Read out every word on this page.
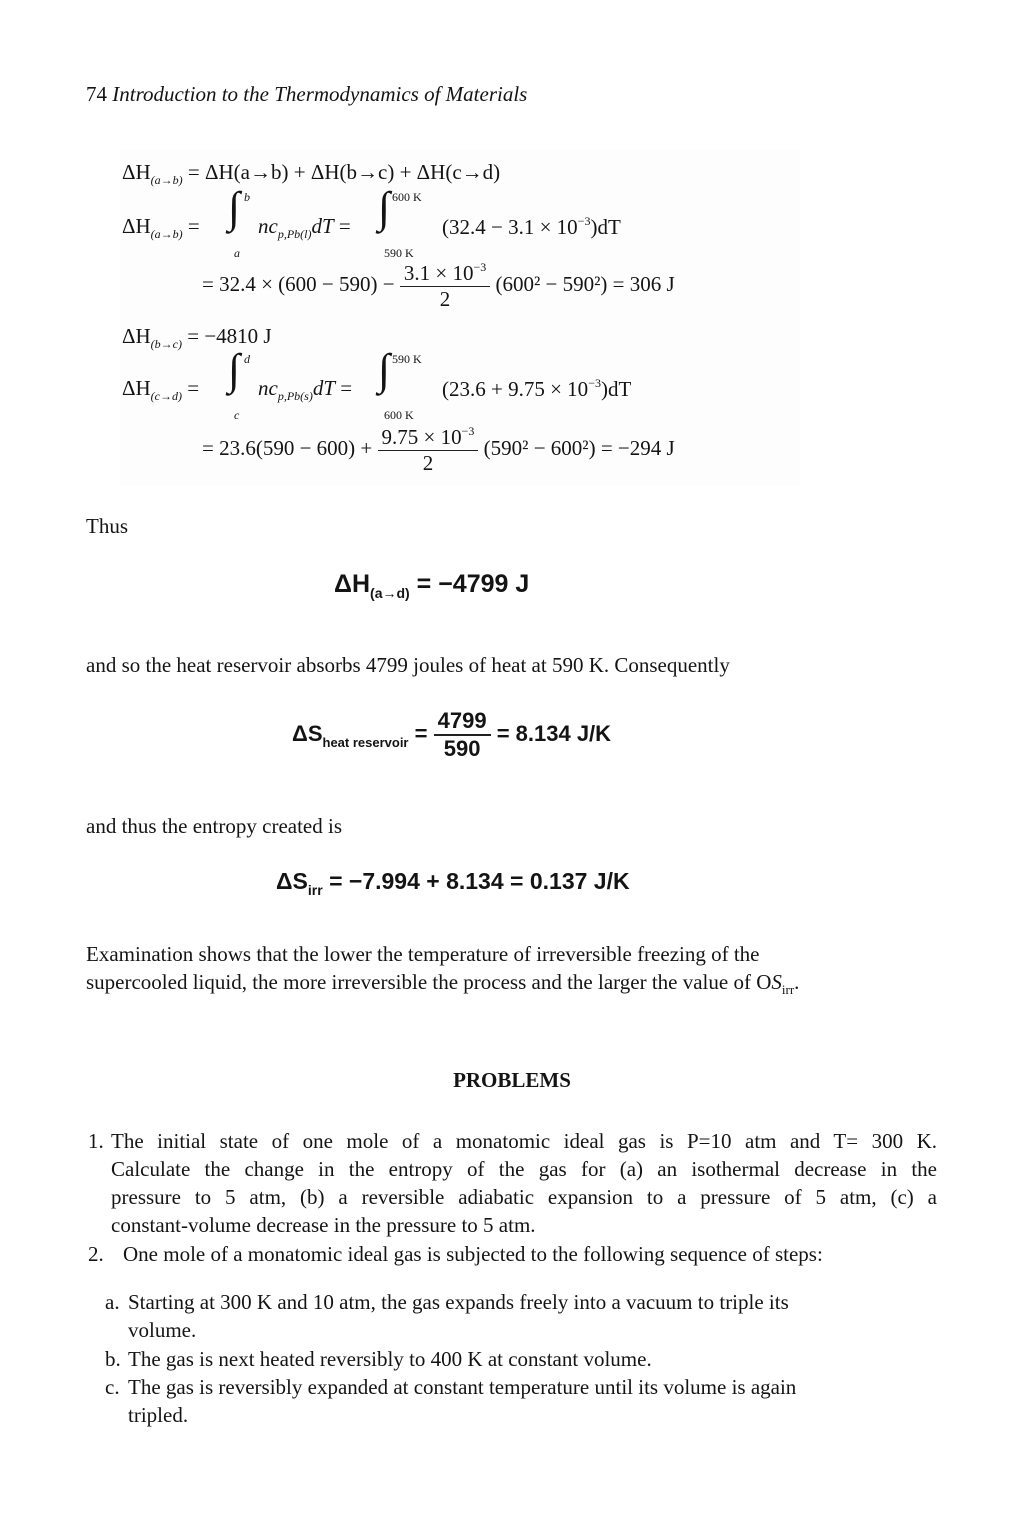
74 Introduction to the Thermodynamics of Materials
$\Delta H_{(a\to b)} = \Delta H(a\to b) + \Delta H(b\to c) + \Delta H(c\to d)$
$\Delta H_{(a\to b)}$ = ∫ b
a
$nc_{p,Pb(l)}dT$ = ∫ 600 K
590 K
$(32.4 - 3.1 \times 10^{-3})dT$
= $32.4 \times (600 - 590) - \frac{3.1 \times 10^{-3}}{2} (600^2 - 590^2) = 306$ J
$\Delta H_{(b\to c)} = -4810$ J
$\Delta H_{(c\to d)}$ = ∫ d
c
$nc_{p,Pb(s)}dT$ = ∫ 590 K
600 K
$(23.6 + 9.75 \times 10^{-3})dT$
= $23.6(590 - 600) + \frac{9.75 \times 10^{-3}}{2} (590^2 - 600^2) = -294$ J
Thus
$\Delta H_{(a\to d)} = -4799$ J
and so the heat reservoir absorbs 4799 joules of heat at 590 K. Consequently
$\Delta S_{heat reservoir} = \frac{4799}{590} = 8.134$ J/K
and thus the entropy created is
$\Delta S_{irr} = -7.994 + 8.134 = 0.137$ J/K
Examination shows that the lower the temperature of irreversible freezing of the
supercooled liquid, the more irreversible the process and the larger the value of $OS_{irr}$.
PROBLEMS
1. The initial state of one mole of a monatomic ideal gas is P=10 atm and T= 300 K.
Calculate the change in the entropy of the gas for (a) an isothermal decrease in the
pressure to 5 atm, (b) a reversible adiabatic expansion to a pressure of 5 atm, (c) a
constant-volume decrease in the pressure to 5 atm.
2. One mole of a monatomic ideal gas is subjected to the following sequence of steps:
a. Starting at 300 K and 10 atm, the gas expands freely into a vacuum to triple its
volume.
b. The gas is next heated reversibly to 400 K at constant volume.
c. The gas is reversibly expanded at constant temperature until its volume is again
tripled.
